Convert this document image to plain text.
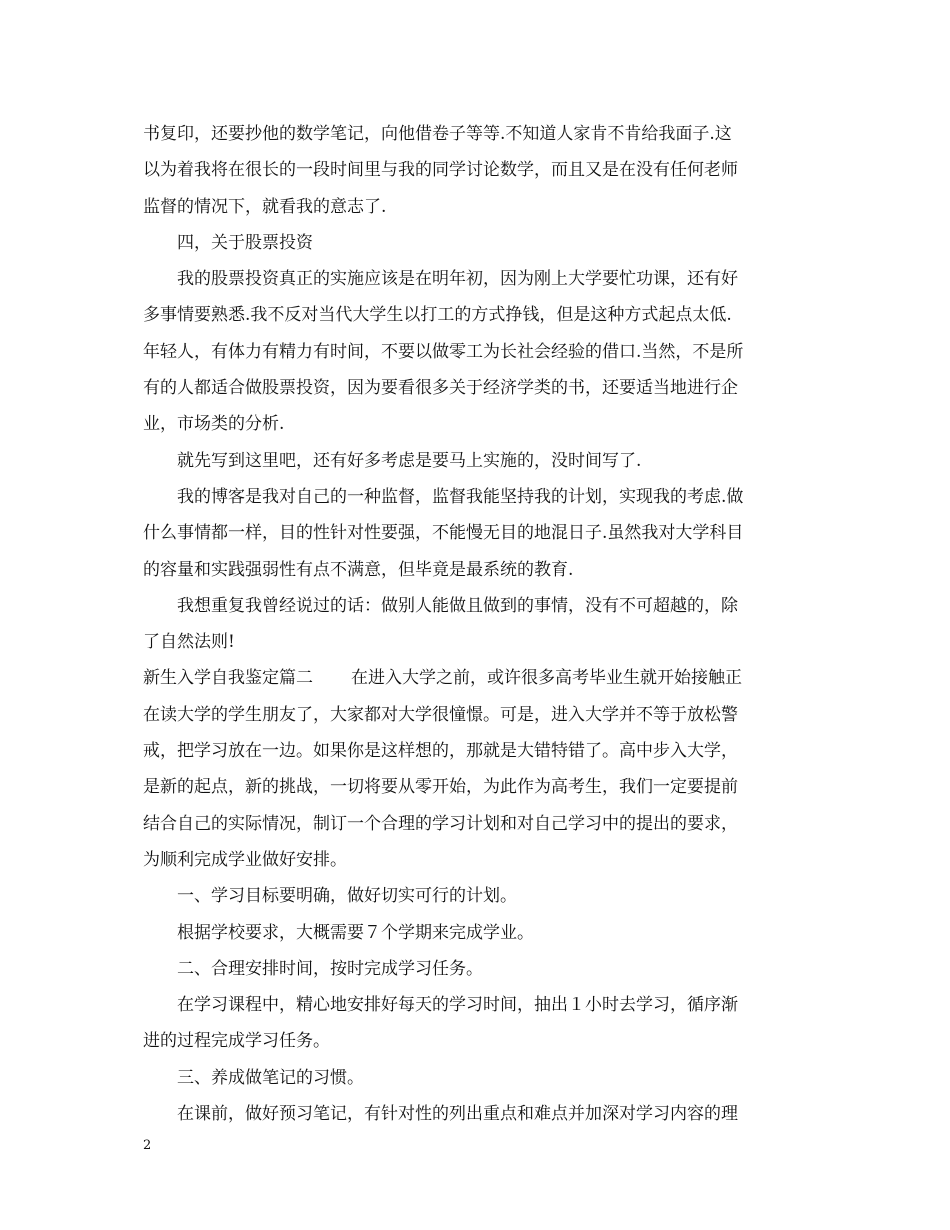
书复印，还要抄他的数学笔记，向他借卷子等等.不知道人家肯不肯给我面子.这
以为着我将在很长的一段时间里与我的同学讨论数学，而且又是在没有任何老师
监督的情况下，就看我的意志了.
四，关于股票投资
我的股票投资真正的实施应该是在明年初，因为刚上大学要忙功课，还有好
多事情要熟悉.我不反对当代大学生以打工的方式挣钱，但是这种方式起点太低.
年轻人，有体力有精力有时间，不要以做零工为长社会经验的借口.当然，不是所
有的人都适合做股票投资，因为要看很多关于经济学类的书，还要适当地进行企
业，市场类的分析.
就先写到这里吧，还有好多考虑是要马上实施的，没时间写了.
我的博客是我对自己的一种监督，监督我能坚持我的计划，实现我的考虑.做
什么事情都一样，目的性针对性要强，不能慢无目的地混日子.虽然我对大学科目
的容量和实践强弱性有点不满意，但毕竟是最系统的教育.
我想重复我曾经说过的话：做别人能做且做到的事情，没有不可超越的，除
了自然法则!
新生入学自我鉴定篇二 在进入大学之前，或许很多高考毕业生就开始接触正
在读大学的学生朋友了，大家都对大学很憧憬。可是，进入大学并不等于放松警
戒，把学习放在一边。如果你是这样想的，那就是大错特错了。高中步入大学，
是新的起点，新的挑战，一切将要从零开始，为此作为高考生，我们一定要提前
结合自己的实际情况，制订一个合理的学习计划和对自己学习中的提出的要求，
为顺利完成学业做好安排。
一、学习目标要明确，做好切实可行的计划。
根据学校要求，大概需要７个学期来完成学业。
二、合理安排时间，按时完成学习任务。
在学习课程中，精心地安排好每天的学习时间，抽出１小时去学习，循序渐
进的过程完成学习任务。
三、养成做笔记的习惯。
在课前，做好预习笔记，有针对性的列出重点和难点并加深对学习内容的理
2
